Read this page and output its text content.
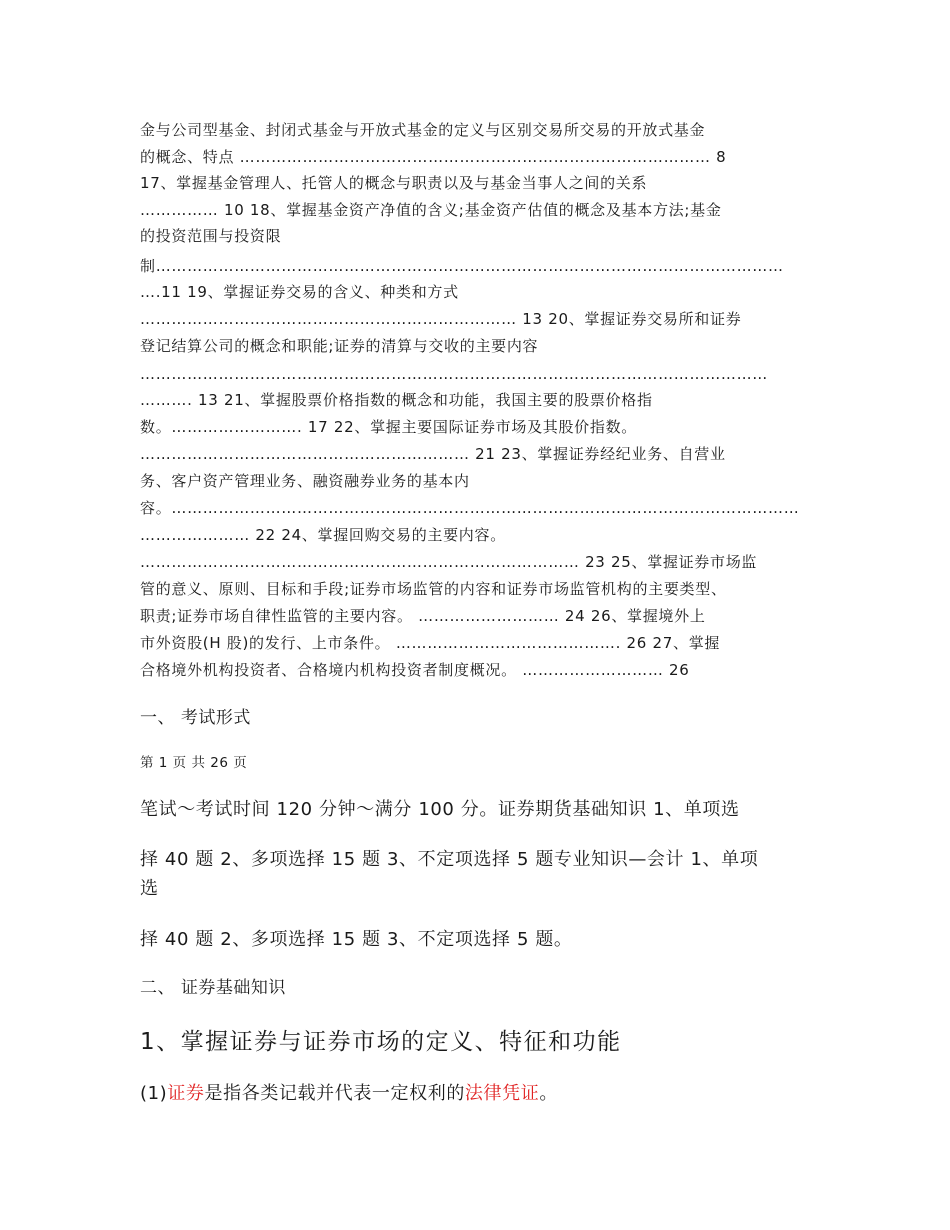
金与公司型基金、封闭式基金与开放式基金的定义与区别交易所交易的开放式基金
的概念、特点 ……………………………………………………………………………… 8
17、掌握基金管理人、托管人的概念与职责以及与基金当事人之间的关系
…………… 10 18、掌握基金资产净值的含义;基金资产估值的概念及基本方法;基金
的投资范围与投资限
制…………………………………………………………………………………………………………
….11 19、掌握证券交易的含义、种类和方式
……………………………………………………………… 13 20、掌握证券交易所和证券
登记结算公司的概念和职能;证券的清算与交收的主要内容
…………………………………………………………………………………………………………
………. 13 21、掌握股票价格指数的概念和功能，我国主要的股票价格指
数。……………………. 17 22、掌握主要国际证券市场及其股价指数。
……………………………………………………… 21 23、掌握证券经纪业务、自营业
务、客户资产管理业务、融资融券业务的基本内
容。…………………………………………………………………………………………………………
………………… 22 24、掌握回购交易的主要内容。
………………………………………………………………………… 23 25、掌握证券市场监
管的意义、原则、目标和手段;证券市场监管的内容和证券市场监管机构的主要类型、
职责;证券市场自律性监管的主要内容。 ……………………… 24 26、掌握境外上
市外资股(H 股)的发行、上市条件。 ……………………………………. 26 27、掌握
合格境外机构投资者、合格境内机构投资者制度概况。 ……………………… 26
一、 考试形式
第 1 页 共 26 页
笔试～考试时间 120 分钟～满分 100 分。证券期货基础知识 1、单项选
择 40 题 2、多项选择 15 题 3、不定项选择 5 题专业知识—会计 1、单项
选
择 40 题 2、多项选择 15 题 3、不定项选择 5 题。
二、 证券基础知识
1、掌握证券与证券市场的定义、特征和功能
(1)证券是指各类记载并代表一定权利的法律凭证。
